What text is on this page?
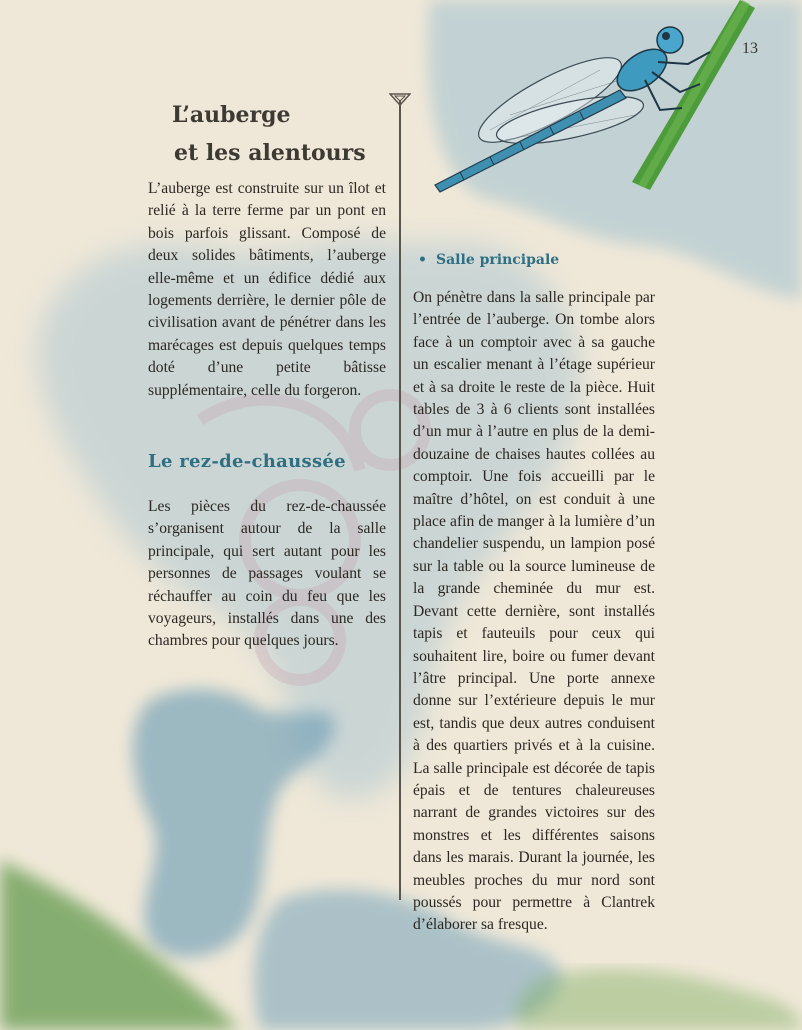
13
L’auberge
et les alentours
L’auberge est construite sur un îlot et relié à la terre ferme par un pont en bois parfois glissant. Composé de deux solides bâtiments, l’auberge elle-même et un édifice dédié aux logements derrière, le dernier pôle de civilisation avant de pénétrer dans les marécages est depuis quelques temps doté d’une petite bâtisse supplémentaire, celle du forgeron.
Le rez-de-chaussée
Les pièces du rez-de-chaussée s’organisent autour de la salle principale, qui sert autant pour les personnes de passages voulant se réchauffer au coin du feu que les voyageurs, installés dans une des chambres pour quelques jours.
• Salle principale
On pénètre dans la salle principale par l’entrée de l’auberge. On tombe alors face à un comptoir avec à sa gauche un escalier menant à l’étage supérieur et à sa droite le reste de la pièce. Huit tables de 3 à 6 clients sont installées d’un mur à l’autre en plus de la demi-douzaine de chaises hautes collées au comptoir. Une fois accueilli par le maître d’hôtel, on est conduit à une place afin de manger à la lumière d’un chandelier suspendu, un lampion posé sur la table ou la source lumineuse de la grande cheminée du mur est. Devant cette dernière, sont installés tapis et fauteuils pour ceux qui souhaitent lire, boire ou fumer devant l’âtre principal. Une porte annexe donne sur l’extérieure depuis le mur est, tandis que deux autres conduisent à des quartiers privés et à la cuisine. La salle principale est décorée de tapis épais et de tentures chaleureuses narrant de grandes victoires sur des monstres et les différentes saisons dans les marais. Durant la journée, les meubles proches du mur nord sont poussés pour permettre à Clantrek d’élaborer sa fresque.
